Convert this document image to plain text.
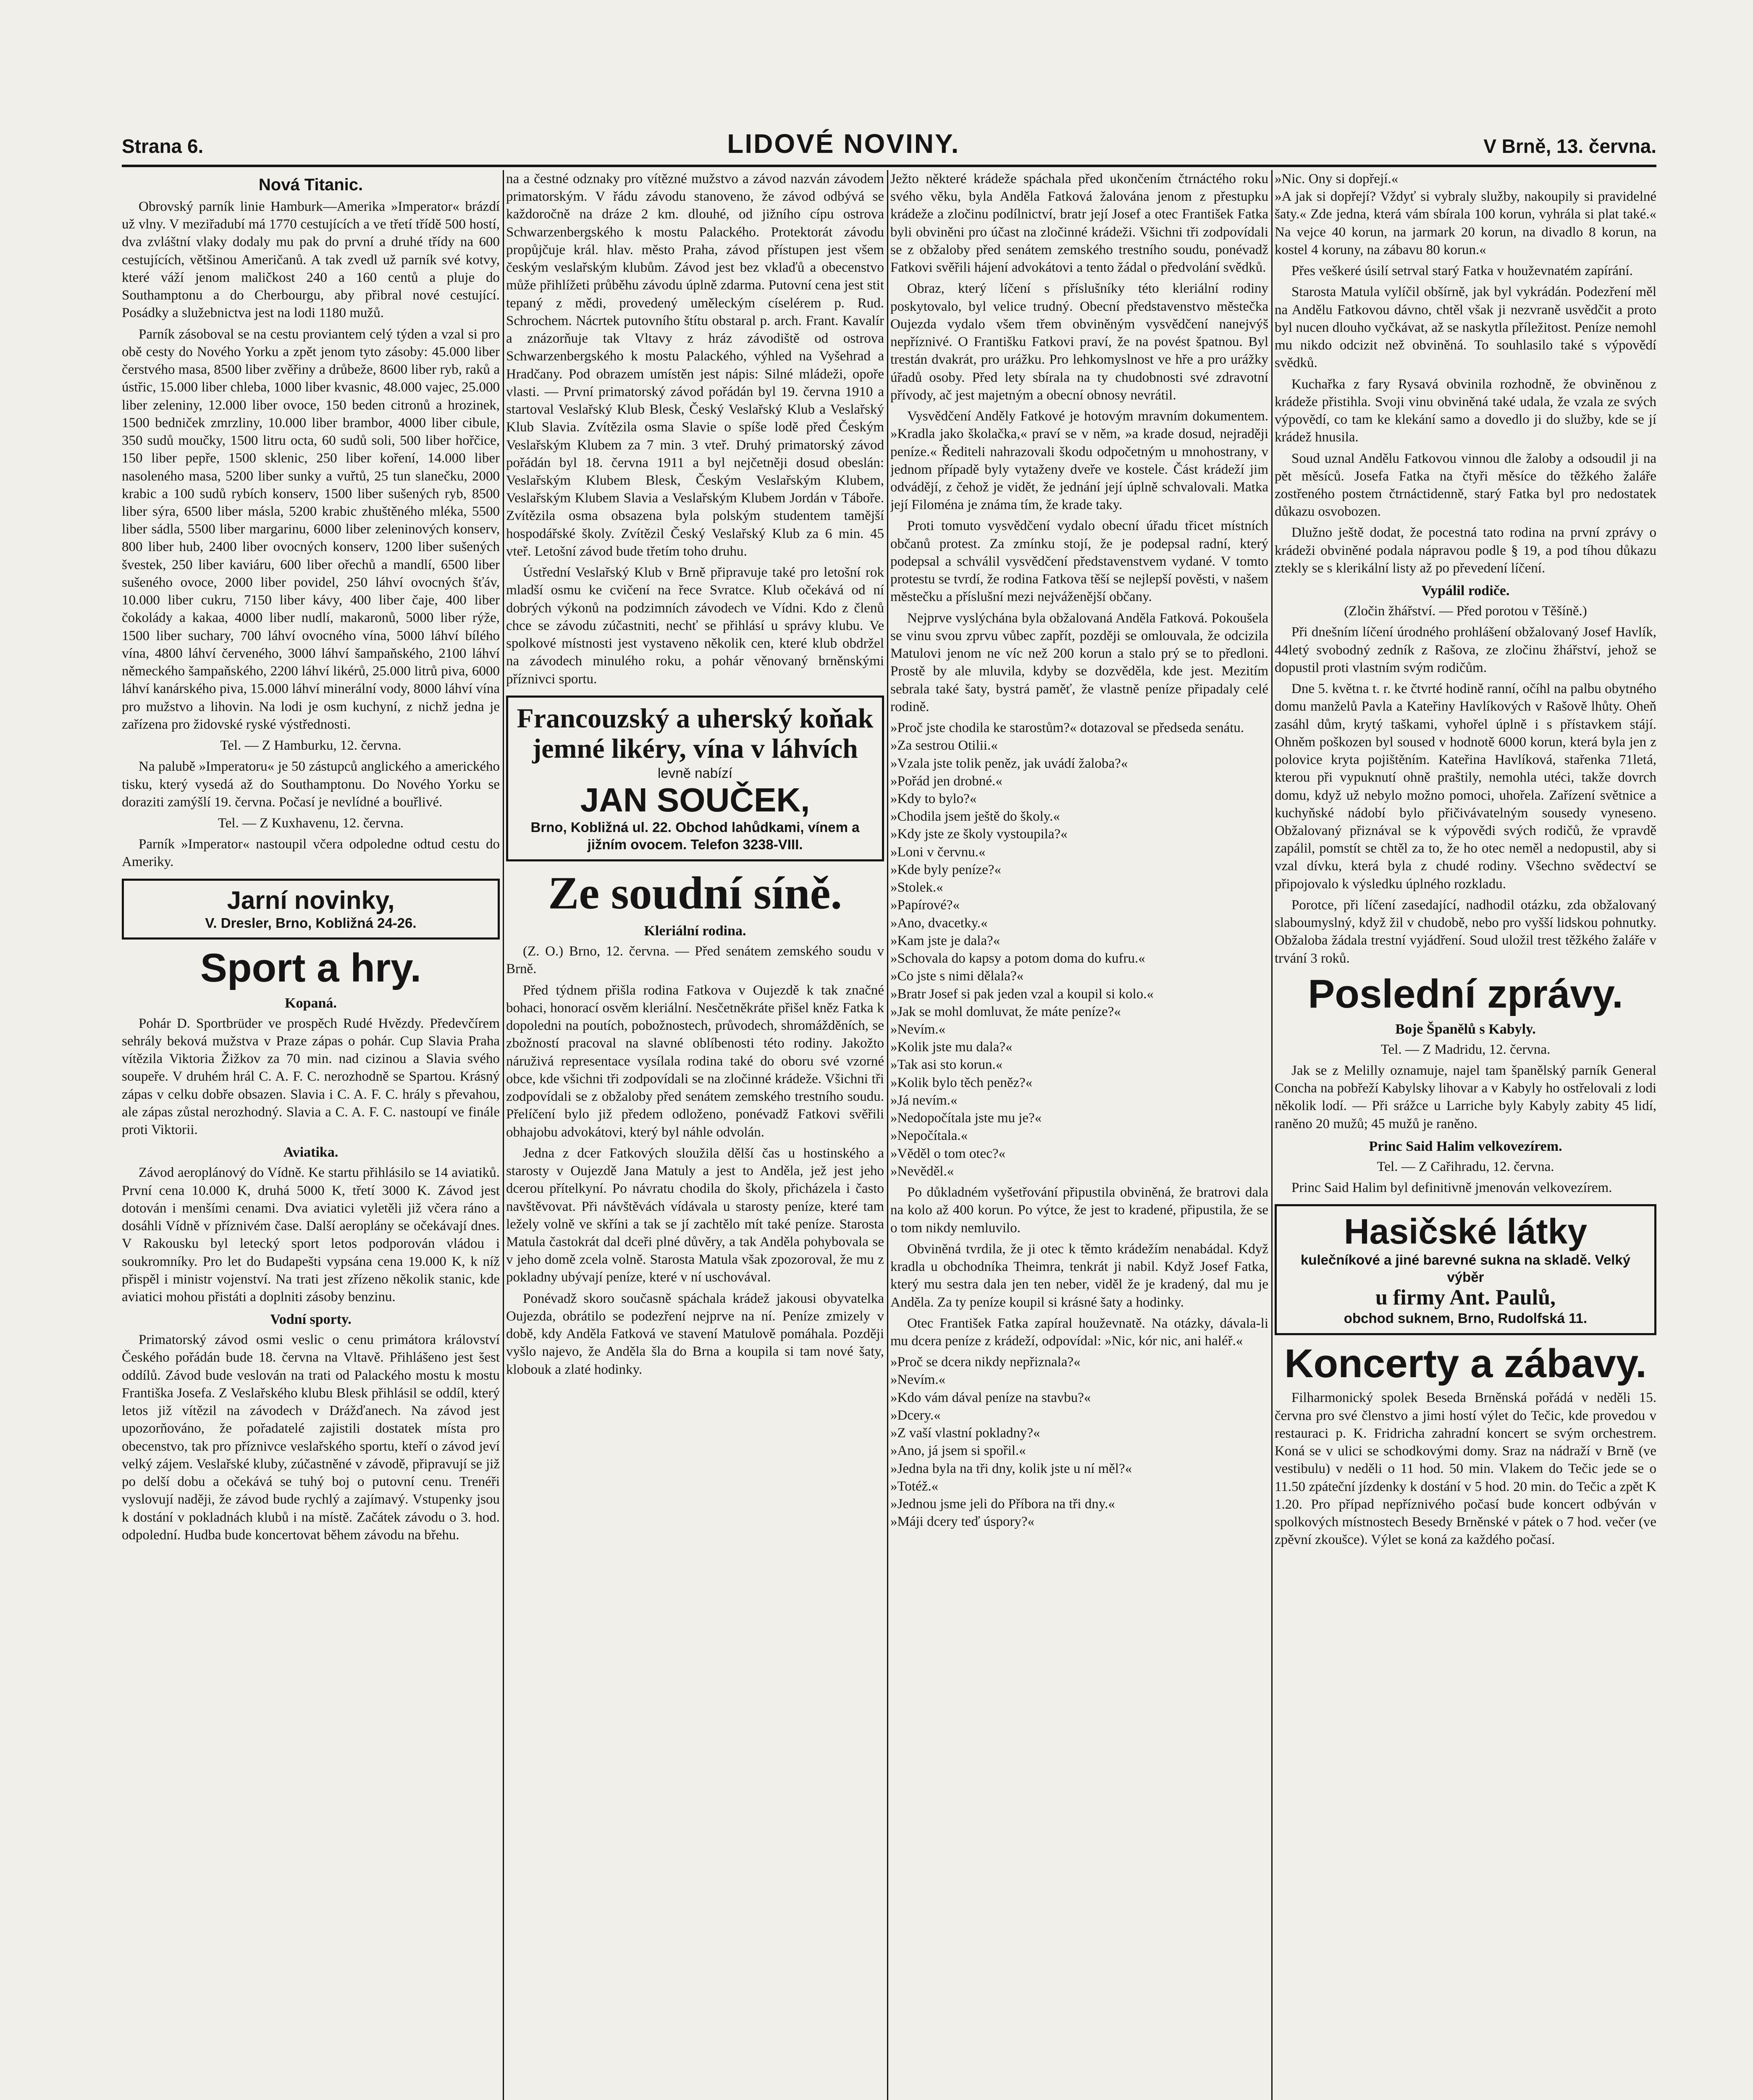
Strana 6.	LIDOVÉ NOVINY.	V Brně, 13. června.
Nová Titanic.

Obrovský parník linie Hamburk—Amerika »Imperator« brázdí už vlny. V meziřadubí má 1770 cestujících a ve třetí třídě 500 hostí, dva zvláštní vlaky dodaly mu pak do první a druhé třídy na 600 cestujících, většinou Američanů. A tak zvedl už parník své kotvy, které váží jenom maličkost 240 a 160 centů a pluje do Southamptonu a do Cherbourgu, aby přibral nové cestující. Posádky a služebnictva jest na lodi 1180 mužů.

Parník zásoboval se na cestu proviantem celý týden a vzal si pro obě cesty do Nového Yorku a zpět jenom tyto zásoby: 45.000 liber čerstvého masa, 8500 liber zvěřiny a drůbeže, 8600 liber ryb, raků a ústřic, 15.000 liber chleba, 1000 liber kvasnic, 48.000 vajec, 25.000 liber zeleniny, 12.000 liber ovoce, 150 beden citronů a hrozinek, 1500 bedniček zmrzliny, 10.000 liber brambor, 4000 liber cibule, 350 sudů moučky, 1500 litru octa, 60 sudů soli, 500 liber hořčice, 150 liber pepře, 1500 sklenic, 250 liber koření, 14.000 liber nasoleného masa, 5200 liber sunky a vuřtů, 25 tun slanečku, 2000 krabic a 100 sudů rybích konserv, 1500 liber sušených ryb, 8500 liber sýra, 6500 liber másla, 5200 krabic zhuštěného mléka, 5500 liber sádla, 5500 liber margarinu, 6000 liber zeleninových konserv, 800 liber hub, 2400 liber ovocných konserv, 1200 liber sušených švestek, 250 liber kaviáru, 600 liber ořechů a mandlí, 6500 liber sušeného ovoce, 2000 liber povidel, 250 láhví ovocných šťáv, 10.000 liber cukru, 7150 liber kávy, 400 liber čaje, 400 liber čokolády a kakaa, 4000 liber nudlí, makaronů, 5000 liber rýže, 1500 liber suchary, 700 láhví ovocného vína, 5000 láhví bílého vína, 4800 láhví červeného, 3000 láhví šampaňského, 2100 láhví německého šampaňského, 2200 láhví likérů, 25.000 litrů piva, 6000 láhví kanárského piva, 15.000 láhví minerální vody, 8000 láhví vína pro mužstvo a lihovin. Na lodi je osm kuchyní, z nichž jedna je zařízena pro židovské ryské výstřednosti.

Tel. — Z Hamburku, 12. června.

Na palubě »Imperatoru« je 50 zástupců anglického a amerického tisku, který vysedá až do Southamptonu. Do Nového Yorku se doraziti zamýšlí 19. června. Počasí je nevlídné a bouřlivé.

Tel. — Z Kuxhavenu, 12. června.

Parník »Imperator« nastoupil včera odpoledne odtud cestu do Ameriky.

Jarní novinky,
V. Dresler, Brno, Kobližná 24-26.
Sport a hry.
Kopaná.

Pohár D. Sportbrüder ve prospěch Rudé Hvězdy. Předevčírem sehrály beková mužstva v Praze zápas o pohár. Cup Slavia Praha vítězila Viktoria Žižkov za 70 min. nad cizinou a Slavia svého soupeře. V druhém hrál C. A. F. C. nerozhodně se Spartou. Krásný zápas v celku dobře obsazen. Slavia i C. A. F. C. hrály s převahou, ale zápas zůstal nerozhodný. Slavia a C. A. F. C. nastoupí ve finále proti Viktorii.

Aviatika.

Závod aeroplánový do Vídně. Ke startu přihlásilo se 14 aviatiků. První cena 10.000 K, druhá 5000 K, třetí 3000 K. Závod jest dotován i menšími cenami. Dva aviatici vyletěli již včera ráno a dosáhli Vídně v příznivém čase. Další aeroplány se očekávají dnes. V Rakousku byl letecký sport letos podporován vládou i soukromníky. Pro let do Budapešti vypsána cena 19.000 K, k níž přispěl i ministr vojenství. Na trati jest zřízeno několik stanic, kde aviatici mohou přistáti a doplniti zásoby benzinu.

Vodní sporty.

Primatorský závod osmi veslic o cenu primátora království Českého pořádán bude 18. června na Vltavě. Přihlášeno jest šest oddílů. Závod bude veslován na trati od Palackého mostu k mostu Františka Josefa. Z Veslařského klubu Blesk přihlásil se oddíl, který letos již vítězil na závodech v Drážďanech. Na závod jest upozorňováno, že pořadatelé zajistili dostatek místa pro obecenstvo, tak pro příznivce veslařského sportu, kteří o závod jeví velký zájem. Veslařské kluby, zúčastněné v závodě, připravují se již po delší dobu a očekává se tuhý boj o putovní cenu. Trenéři vyslovují naději, že závod bude rychlý a zajímavý. Vstupenky jsou k dostání v pokladnách klubů i na místě. Začátek závodu o 3. hod. odpolední. Hudba bude koncertovat během závodu na břehu.

na a čestné odznaky pro vítězné mužstvo a závod nazván závodem primatorským. V řádu závodu stanoveno, že závod odbývá se každoročně na dráze 2 km. dlouhé, od jižního cípu ostrova Schwarzenbergského k mostu Palackého. Protektorát závodu propůjčuje král. hlav. město Praha, závod přístupen jest všem českým veslařským klubům. Závod jest bez vklaďů a obecenstvo může přihlížeti průběhu závodu úplně zdarma. Putovní cena jest stit tepaný z mědi, provedený uměleckým císelérem p. Rud. Schrochem. Nácrtek putovního štítu obstaral p. arch. Frant. Kavalír a znázorňuje tak Vltavy z hráz závodiště od ostrova Schwarzenbergského k mostu Palackého, výhled na Vyšehrad a Hradčany. Pod obrazem umístěn jest nápis: Silné mládeži, opoře vlasti. — První primatorský závod pořádán byl 19. června 1910 a startoval Veslařský Klub Blesk, Český Veslařský Klub a Veslařský Klub Slavia. Zvítězila osma Slavie o spíše lodě před Českým Veslařským Klubem za 7 min. 3 vteř. Druhý primatorský závod pořádán byl 18. června 1911 a byl nejčetněji dosud obeslán: Veslařským Klubem Blesk, Českým Veslařským Klubem, Veslařským Klubem Slavia a Veslařským Klubem Jordán v Táboře. Zvítězila osma obsazena byla polským studentem tamější hospodářské školy. Zvítězil Český Veslařský Klub za 6 min. 45 vteř. Letošní závod bude třetím toho druhu.

Ústřední Veslařský Klub v Brně připravuje také pro letošní rok mladší osmu ke cvičení na řece Svratce. Klub očekává od ní dobrých výkonů na podzimních závodech ve Vídni. Kdo z členů chce se závodu zúčastniti, nechť se přihlásí u správy klubu. Ve spolkové místnosti jest vystaveno několik cen, které klub obdržel na závodech minulého roku, a pohár věnovaný brněnskými příznivci sportu.

Francouzský a uherský koňak jemné likéry, vína v láhvích
levně nabízí
JAN SOUČEK,
Brno, Kobližná ul. 22. Obchod lahůdkami, vínem a jižním ovocem. Telefon 3238-VIII.
Ze soudní síně.
Kleriální rodina.

(Z. O.) Brno, 12. června. — Před senátem zemského soudu v Brně.

Před týdnem přišla rodina Fatkova v Oujezdě k tak značné bohaci, honorací osvěm kleriální. Nesčetněkráte přišel kněz Fatka k dopoledni na poutích, pobožnostech, průvodech, shromážděních, se zbožností pracoval na slavné oblíbenosti této rodiny. Jakožto náruživá representace vysílala rodina také do oboru své vzorné obce, kde všichni tři zodpovídali se na zločinné krádeže. Všichni tři zodpovídali se z obžaloby před senátem zemského trestního soudu. Přelíčení bylo již předem odloženo, ponévadž Fatkovi svěřili obhajobu advokátovi, který byl náhle odvolán.

Jedna z dcer Fatkových sloužila dělší čas u hostinského a starosty v Oujezdě Jana Matuly a jest to Anděla, jež jest jeho dcerou přítelkyní. Po návratu chodila do školy, přicházela i často navštěvovat. Při návštěvách vídávala u starosty peníze, které tam ležely volně ve skříni a tak se jí zachtělo mít také peníze. Starosta Matula častokrát dal dceři plné důvěry, a tak Anděla pohybovala se v jeho domě zcela volně. Starosta Matula však zpozoroval, že mu z pokladny ubývají peníze, které v ní uschovával.

Ponévadž skoro současně spáchala krádež jakousi obyvatelka Oujezda, obrátilo se podezření nejprve na ní. Peníze zmizely v době, kdy Anděla Fatková ve stavení Matulově pomáhala. Později vyšlo najevo, že Anděla šla do Brna a koupila si tam nové šaty, klobouk a zlaté hodinky.

Ježto některé krádeže spáchala před ukončením čtrnáctého roku svého věku, byla Anděla Fatková žalována jenom z přestupku krádeže a zločinu podílnictví, bratr její Josef a otec František Fatka byli obviněni pro účast na zločinné krádeži. Všichni tři zodpovídali se z obžaloby před senátem zemského trestního soudu, ponévadž Fatkovi svěřili hájení advokátovi a tento žádal o předvolání svědků.

Obraz, který líčení s příslušníky této kleriální rodiny poskytovalo, byl velice trudný. Obecní představenstvo městečka Oujezda vydalo všem třem obviněným vysvědčení nanejvýš nepříznivé. O Františku Fatkovi praví, že na povést špatnou. Byl trestán dvakrát, pro urážku. Pro lehkomyslnost ve hře a pro urážky úřadů osoby. Před lety sbírala na ty chudobnosti své zdravotní přívody, ač jest majetným a obecní obnosy nevrátil.

Vysvědčení Anděly Fatkové je hotovým mravním dokumentem. »Kradla jako školačka,« praví se v něm, »a krade dosud, nejraději peníze.« Řediteli nahrazovali škodu odpočetným u mnohostrany, v jednom případě byly vytaženy dveře ve kostele. Část krádeží jim odvádějí, z čehož je vidět, že jednání její úplně schvalovali. Matka její Filoména je známa tím, že krade taky.

Proti tomuto vysvědčení vydalo obecní úřadu třicet místních občanů protest. Za zmínku stojí, že je podepsal radní, který podepsal a schválil vysvědčení představenstvem vydané. V tomto protestu se tvrdí, že rodina Fatkova těší se nejlepší pověsti, v našem městečku a příslušní mezi nejváženější občany.

Nejprve vyslýchána byla obžalovaná Anděla Fatková. Pokoušela se vinu svou zprvu vůbec zapřít, později se omlouvala, že odcizila Matulovi jenom ne víc než 200 korun a stalo prý se to předloni. Prostě by ale mluvila, kdyby se dozvěděla, kde jest. Mezitím sebrala také šaty, bystrá paměť, že vlastně peníze připadaly celé rodině.

»Proč jste chodila ke starostům?« dotazoval se předseda senátu.
»Za sestrou Otilii.«
»Vzala jste tolik peněz, jak uvádí žaloba?«
»Pořád jen drobné.«
»Kdy to bylo?«
»Chodila jsem ještě do školy.«
»Kdy jste ze školy vystoupila?«
»Loni v červnu.«
»Kde byly peníze?«
»Stolek.«
»Papírové?«
»Ano, dvacetky.«
»Kam jste je dala?«
»Schovala do kapsy a potom doma do kufru.«
»Co jste s nimi dělala?«
»Bratr Josef si pak jeden vzal a koupil si kolo.«
»Jak se mohl domluvat, že máte peníze?«
»Nevím.«
»Kolik jste mu dala?«
»Tak asi sto korun.«
»Kolik bylo těch peněz?«
»Já nevím.«
»Nedopočítala jste mu je?«
»Nepočítala.«
»Věděl o tom otec?«
»Nevěděl.«

Po důkladném vyšetřování připustila obviněná, že bratrovi dala na kolo až 400 korun. Po výtce, že jest to kradené, připustila, že se o tom nikdy nemluvilo.

Obviněná tvrdila, že ji otec k těmto krádežím nenabádal. Když kradla u obchodníka Theimra, tenkrát ji nabil. Když Josef Fatka, který mu sestra dala jen ten neber, viděl že je kradený, dal mu je Anděla. Za ty peníze koupil si krásné šaty a hodinky.

Otec František Fatka zapíral houževnatě. Na otázky, dávala-li mu dcera peníze z krádeží, odpovídal: »Nic, kór nic, ani haléř.«

»Proč se dcera nikdy nepřiznala?«
»Nevím.«
»Kdo vám dával peníze na stavbu?«
»Dcery.«
»Z vaší vlastní pokladny?«
»Ano, já jsem si spořil.«
»Jedna byla na tři dny, kolik jste u ní měl?«
»Totéž.«
»Jednou jsme jeli do Příbora na tři dny.«
»Máji dcery teď úspory?«

»Nic. Ony si dopřejí.«
»A jak si dopřejí? Vždyť si vybraly služby, nakoupily si pravidelné šaty.« Zde jedna, která vám sbírala 100 korun, vyhrála si plat také.« Na vejce 40 korun, na jarmark 20 korun, na divadlo 8 korun, na kostel 4 koruny, na zábavu 80 korun.«

Přes veškeré úsilí setrval starý Fatka v houževnatém zapírání.

Starosta Matula vylíčil obšírně, jak byl vykrádán. Podezření měl na Andělu Fatkovou dávno, chtěl však ji nezvraně usvědčit a proto byl nucen dlouho vyčkávat, až se naskytla příležitost. Peníze nemohl mu nikdo odcizit než obviněná. To souhlasilo také s výpovědí svědků.

Kuchařka z fary Rysavá obvinila rozhodně, že obviněnou z krádeže přistihla. Svoji vinu obviněná také udala, že vzala ze svých výpovědí, co tam ke klekání samo a dovedlo ji do služby, kde se jí krádež hnusila.

Soud uznal Andělu Fatkovou vinnou dle žaloby a odsoudil ji na pět měsíců. Josefa Fatka na čtyři měsíce do těžkého žaláře zostřeného postem čtrnáctidenně, starý Fatka byl pro nedostatek důkazu osvobozen.

Dlužno ještě dodat, že pocestná tato rodina na první zprávy o krádeži obviněné podala nápravou podle § 19, a pod tíhou důkazu ztekly se s klerikální listy až po převedení líčení.

Vypálil rodiče.

(Zločin žhářství. — Před porotou v Těšíně.)

Při dnešním líčení úrodného prohlášení obžalovaný Josef Havlík, 44letý svobodný zedník z Rašova, ze zločinu žhářství, jehož se dopustil proti vlastním svým rodičům.

Dne 5. května t. r. ke čtvrté hodině ranní, očíhl na palbu obytného domu manželů Pavla a Kateřiny Havlíkových v Rašově lhůty. Oheň zasáhl dům, krytý taškami, vyhořel úplně i s přístavkem stájí. Ohněm poškozen byl soused v hodnotě 6000 korun, která byla jen z polovice kryta pojištěním. Kateřina Havlíková, stařenka 71letá, kterou při vypuknutí ohně praštily, nemohla utéci, takže dovrch domu, když už nebylo možno pomoci, uhořela. Zařízení světnice a kuchyňské nádobí bylo přičivávatelným sousedy vyneseno. Obžalovaný přiznával se k výpovědi svých rodičů, že vpravdě zapálil, pomstít se chtěl za to, že ho otec neměl a nedopustil, aby si vzal dívku, která byla z chudé rodiny. Všechno svědectví se připojovalo k výsledku úplného rozkladu.

Porotce, při líčení zasedající, nadhodil otázku, zda obžalovaný slaboumyslný, když žil v chudobě, nebo pro vyšší lidskou pohnutky. Obžaloba žádala trestní vyjádření. Soud uložil trest těžkého žaláře v trvání 3 roků.

Poslední zprávy.
Boje Španělů s Kabyly.

Tel. — Z Madridu, 12. června.

Jak se z Melilly oznamuje, najel tam španělský parník General Concha na pobřeží Kabylsky lihovar a v Kabyly ho ostřelovali z lodi několik lodí. — Při srážce u Larriche byly Kabyly zabity 45 lidí, raněno 20 mužů; 45 mužů je raněno.

Princ Said Halim velkovezírem.

Tel. — Z Cařihradu, 12. června.

Princ Said Halim byl definitivně jmenován velkovezírem.

Hasičské látky
kulečníkové a jiné barevné sukna na skladě. Velký výběr
u firmy Ant. Paulů,
obchod suknem, Brno, Rudolfská 11.
Koncerty a zábavy.

Filharmonický spolek Beseda Brněnská pořádá v neděli 15. června pro své členstvo a jimi hostí výlet do Tečic, kde provedou v restauraci p. K. Fridricha zahradní koncert se svým orchestrem. Koná se v ulici se schodkovými domy. Sraz na nádraží v Brně (ve vestibulu) v neděli o 11 hod. 50 min. Vlakem do Tečic jede se o 11.50 zpáteční jízdenky k dostání v 5 hod. 20 min. do Tečic a zpět K 1.20. Pro případ nepříznivého počasí bude koncert odbýván v spolkových místnostech Besedy Brněnské v pátek o 7 hod. večer (ve zpěvní zkoušce). Výlet se koná za každého počasí.
